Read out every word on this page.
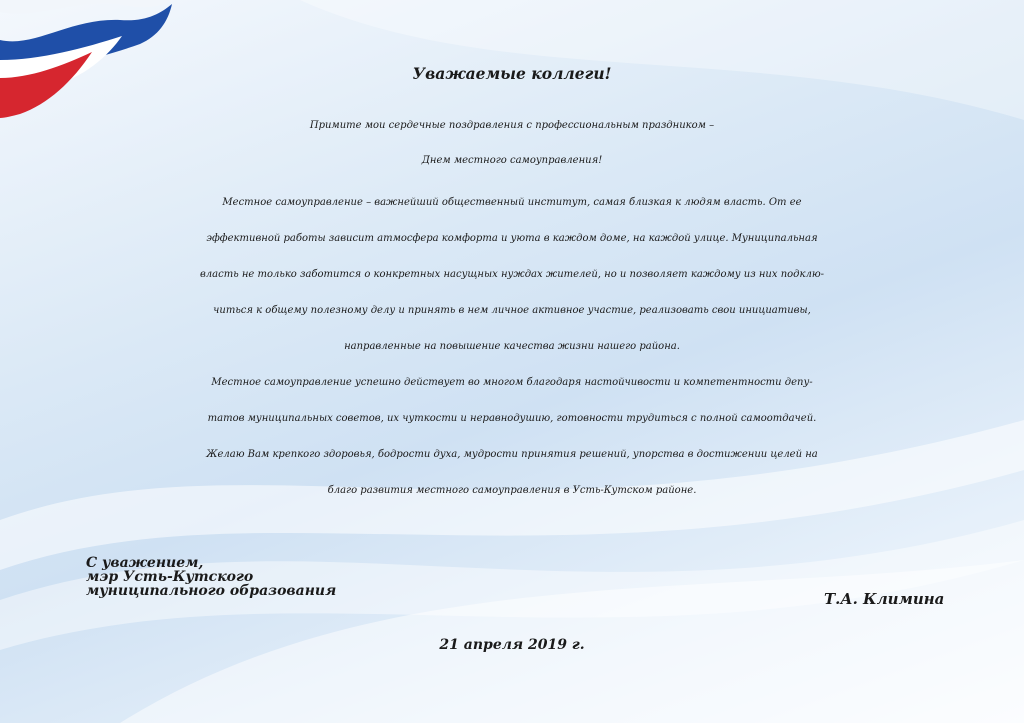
Уважаемые коллеги!
Примите мои сердечные поздравления с профессиональным праздником –
Днем местного самоуправления!
Местное самоуправление – важнейший общественный институт, самая близкая к людям власть. От ее
эффективной работы зависит атмосфера комфорта и уюта в каждом доме, на каждой улице. Муниципальная
власть не только заботится о конкретных насущных нуждах жителей, но и позволяет каждому из них подклю-
читься к общему полезному делу и принять в нем личное активное участие, реализовать свои инициативы,
направленные на повышение качества жизни нашего района.
Местное самоуправление успешно действует во многом благодаря настойчивости и компетентности депу-
татов муниципальных советов, их чуткости и неравнодушию, готовности трудиться с полной самоотдачей.
Желаю Вам крепкого здоровья, бодрости духа, мудрости принятия решений, упорства в достижении целей на
благо развития местного самоуправления в Усть-Кутском районе.
С уважением,
мэр Усть-Кутского
муниципального образования	Т.А. Климина
21 апреля 2019 г.
